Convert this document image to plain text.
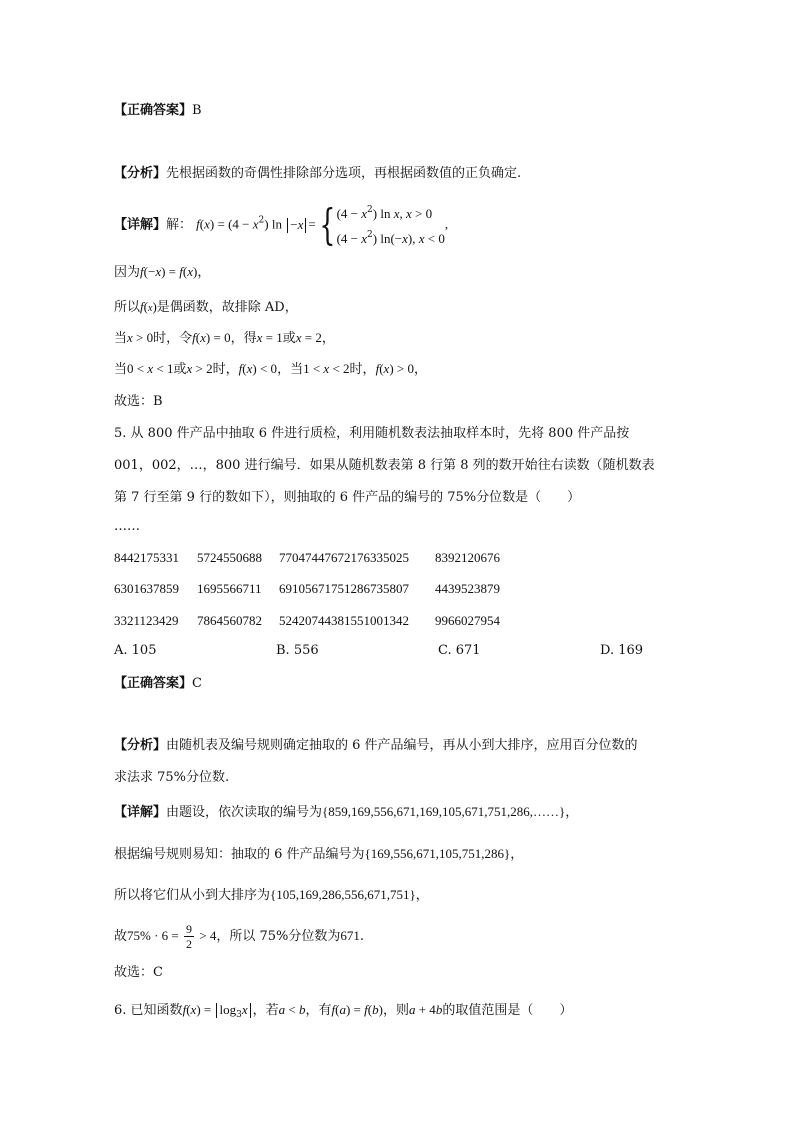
【正确答案】B
【分析】先根据函数的奇偶性排除部分选项，再根据函数值的正负确定.
【详解】解： $f(x) = (4 - x^2)$ ln −x = { $(4 - x^2)$ ln x, x > 0
$(4 - x^2)$ ln(−x), x < 0
,
因为f(−x) = f(x)，
所以f(x)是偶函数，故排除 AD，
当x > 0时，令f(x) = 0，得x = 1或x = 2，
当0 < x < 1或x > 2时，f(x) < 0，当1 < x < 2时，f(x) > 0，
故选：B
5. 从 800 件产品中抽取 6 件进行质检，利用随机数表法抽取样本时，先将 800 件产品按
001，002，…，800 进行编号．如果从随机数表第 8 行第 8 列的数开始往右读数（随机数表
第 7 行至第 9 行的数如下），则抽取的 6 件产品的编号的 75%分位数是（　　）
……
8442175331 5724550688 77047447672176335025 8392120676
6301637859 1695566711 69105671751286735807 4439523879
3321123429 7864560782 52420744381551001342 9966027954
A. 105	B. 556	C. 671	D. 169
【正确答案】C
【分析】由随机表及编号规则确定抽取的 6 件产品编号，再从小到大排序，应用百分位数的
求法求 75%分位数.
【详解】由题设，依次读取的编号为{859,169,556,671,169,105,671,751,286,……}，
根据编号规则易知：抽取的 6 件产品编号为{169,556,671,105,751,286}，
所以将它们从小到大排序为{105,169,286,556,671,751}，
故$75\% \cdot 6 = \frac{9}{2} > 4$，所以 75%分位数为671.
故选：C
6. 已知函数$f(x) = \log_3x$ ，若a < b，有f(a) = f(b)，则a + 4b的取值范围是（　　）
